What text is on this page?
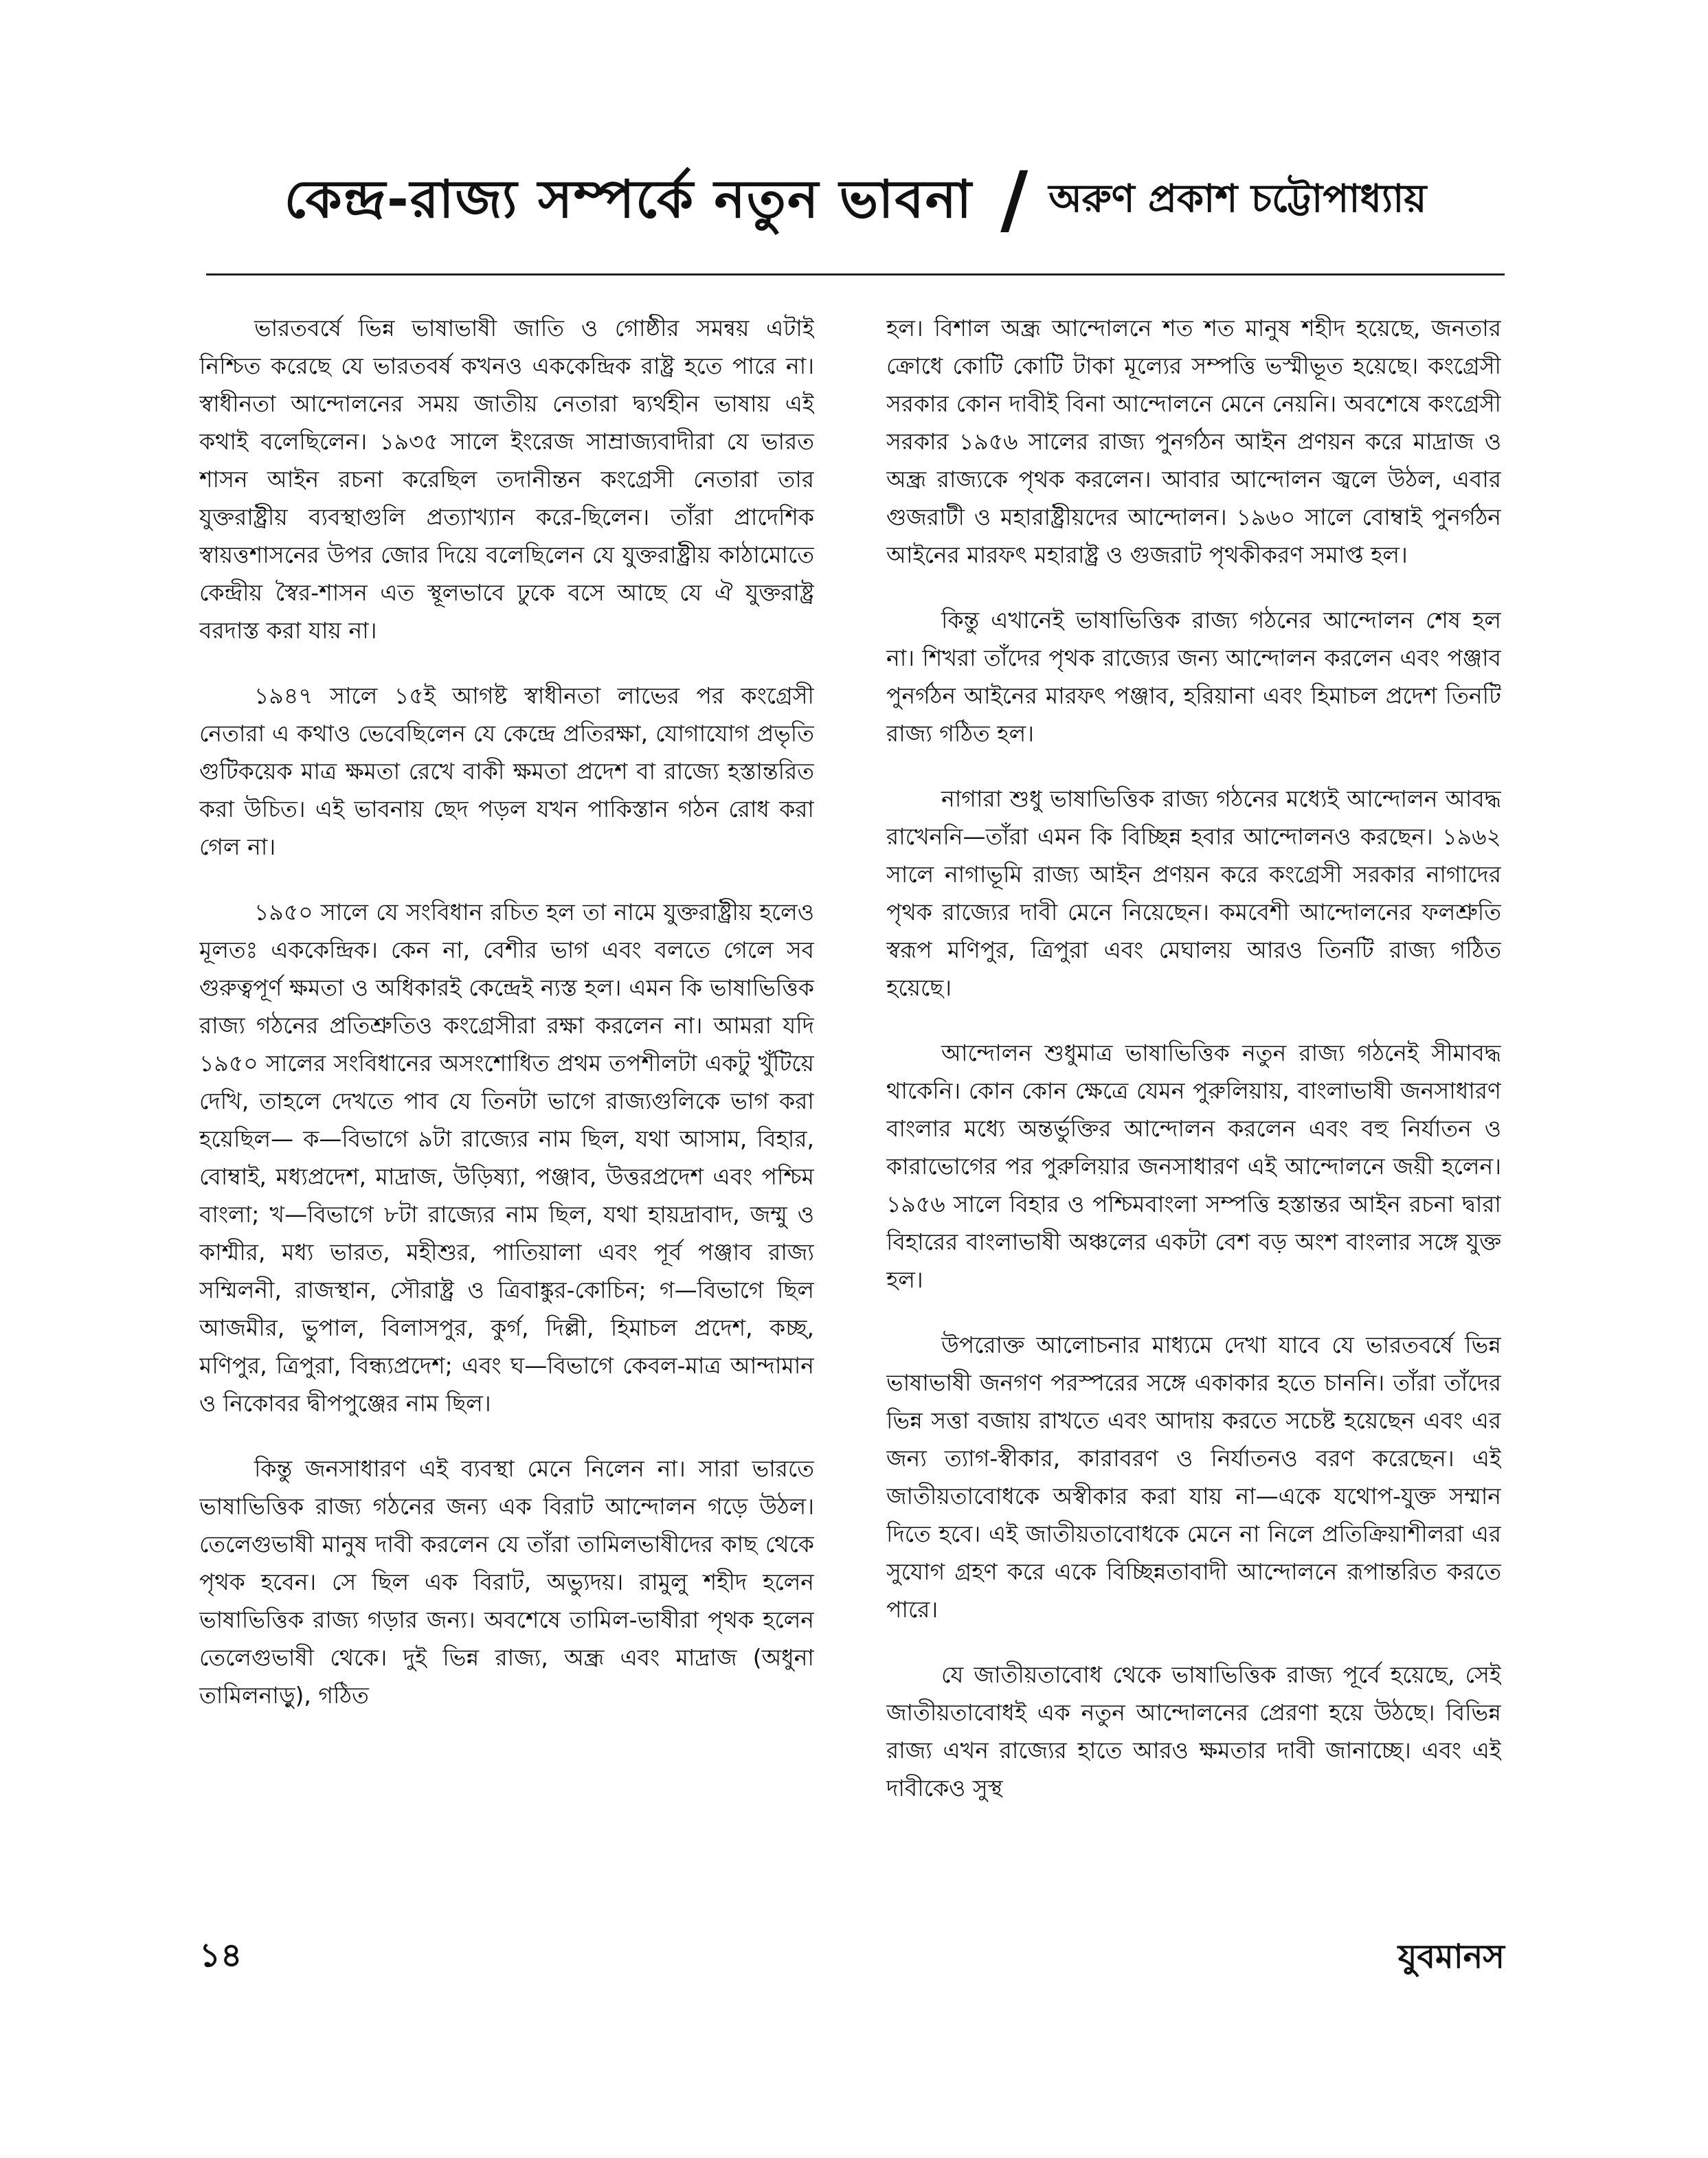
কেন্দ্র-রাজ্য সম্পর্কে নতুন ভাবনা / অরুণ প্রকাশ চট্টোপাধ্যায়

ভারতবর্ষে ভিন্ন ভাষাভাষী জাতি ও গোষ্ঠীর সমন্বয় এটাই নিশ্চিত করেছে যে ভারতবর্ষ কখনও এককেন্দ্রিক রাষ্ট্র হতে পারে না। স্বাধীনতা আন্দোলনের সময় জাতীয় নেতারা দ্ব্যর্থহীন ভাষায় এই কথাই বলেছিলেন। ১৯৩৫ সালে ইংরেজ সাম্রাজ্যবাদীরা যে ভারত শাসন আইন রচনা করেছিল তদানীন্তন কংগ্রেসী নেতারা তার যুক্তরাষ্ট্রীয় ব্যবস্থাগুলি প্রত্যাখ্যান করে-ছিলেন। তাঁরা প্রাদেশিক স্বায়ত্তশাসনের উপর জোর দিয়ে বলেছিলেন যে যুক্তরাষ্ট্রীয় কাঠামোতে কেন্দ্রীয় স্বৈর-শাসন এত স্থূলভাবে ঢুকে বসে আছে যে ঐ যুক্তরাষ্ট্র বরদাস্ত করা যায় না।

১৯৪৭ সালে ১৫ই আগষ্ট স্বাধীনতা লাভের পর কংগ্রেসী নেতারা এ কথাও ভেবেছিলেন যে কেন্দ্রে প্রতিরক্ষা, যোগাযোগ প্রভৃতি গুটিকয়েক মাত্র ক্ষমতা রেখে বাকী ক্ষমতা প্রদেশ বা রাজ্যে হস্তান্তরিত করা উচিত। এই ভাবনায় ছেদ পড়ল যখন পাকিস্তান গঠন রোধ করা গেল না।

১৯৫০ সালে যে সংবিধান রচিত হল তা নামে যুক্তরাষ্ট্রীয় হলেও মূলতঃ এককেন্দ্রিক। কেন না, বেশীর ভাগ এবং বলতে গেলে সব গুরুত্বপূর্ণ ক্ষমতা ও অধিকারই কেন্দ্রেই ন্যস্ত হল। এমন কি ভাষাভিত্তিক রাজ্য গঠনের প্রতিশ্রুতিও কংগ্রেসীরা রক্ষা করলেন না। আমরা যদি ১৯৫০ সালের সংবিধানের অসংশোধিত প্রথম তপশীলটা একটু খুঁটিয়ে দেখি, তাহলে দেখতে পাব যে তিনটা ভাগে রাজ্যগুলিকে ভাগ করা হয়েছিল— ক—বিভাগে ৯টা রাজ্যের নাম ছিল, যথা আসাম, বিহার, বোম্বাই, মধ্যপ্রদেশ, মাদ্রাজ, উড়িষ্যা, পঞ্জাব, উত্তরপ্রদেশ এবং পশ্চিম বাংলা; খ—বিভাগে ৮টা রাজ্যের নাম ছিল, যথা হায়দ্রাবাদ, জম্মু ও কাশ্মীর, মধ্য ভারত, মহীশুর, পাতিয়ালা এবং পূর্ব পঞ্জাব রাজ্য সম্মিলনী, রাজস্থান, সৌরাষ্ট্র ও ত্রিবাঙ্কুর-কোচিন; গ—বিভাগে ছিল আজমীর, ভুপাল, বিলাসপুর, কুর্গ, দিল্লী, হিমাচল প্রদেশ, কচ্ছ, মণিপুর, ত্রিপুরা, বিন্ধ্যপ্রদেশ; এবং ঘ—বিভাগে কেবল-মাত্র আন্দামান ও নিকোবর দ্বীপপুঞ্জের নাম ছিল।

কিন্তু জনসাধারণ এই ব্যবস্থা মেনে নিলেন না। সারা ভারতে ভাষাভিত্তিক রাজ্য গঠনের জন্য এক বিরাট আন্দোলন গড়ে উঠল। তেলেগুভাষী মানুষ দাবী করলেন যে তাঁরা তামিলভাষীদের কাছ থেকে পৃথক হবেন। সে ছিল এক বিরাট, অভ্যুদয়। রামুলু শহীদ হলেন ভাষাভিত্তিক রাজ্য গড়ার জন্য। অবশেষে তামিল-ভাষীরা পৃথক হলেন তেলেগুভাষী থেকে। দুই ভিন্ন রাজ্য, অন্ধ্র এবং মাদ্রাজ (অধুনা তামিলনাড়ু), গঠিত

হল। বিশাল অন্ধ্র আন্দোলনে শত শত মানুষ শহীদ হয়েছে, জনতার ক্রোধে কোটি কোটি টাকা মূল্যের সম্পত্তি ভস্মীভূত হয়েছে। কংগ্রেসী সরকার কোন দাবীই বিনা আন্দোলনে মেনে নেয়নি। অবশেষে কংগ্রেসী সরকার ১৯৫৬ সালের রাজ্য পুনর্গঠন আইন প্রণয়ন করে মাদ্রাজ ও অন্ধ্র রাজ্যকে পৃথক করলেন। আবার আন্দোলন জ্বলে উঠল, এবার গুজরাটী ও মহারাষ্ট্রীয়দের আন্দোলন। ১৯৬০ সালে বোম্বাই পুনর্গঠন আইনের মারফৎ মহারাষ্ট্র ও গুজরাট পৃথকীকরণ সমাপ্ত হল।

কিন্তু এখানেই ভাষাভিত্তিক রাজ্য গঠনের আন্দোলন শেষ হল না। শিখরা তাঁদের পৃথক রাজ্যের জন্য আন্দোলন করলেন এবং পঞ্জাব পুনর্গঠন আইনের মারফৎ পঞ্জাব, হরিয়ানা এবং হিমাচল প্রদেশ তিনটি রাজ্য গঠিত হল।

নাগারা শুধু ভাষাভিত্তিক রাজ্য গঠনের মধ্যেই আন্দোলন আবদ্ধ রাখেননি—তাঁরা এমন কি বিচ্ছিন্ন হবার আন্দোলনও করছেন। ১৯৬২ সালে নাগাভূমি রাজ্য আইন প্রণয়ন করে কংগ্রেসী সরকার নাগাদের পৃথক রাজ্যের দাবী মেনে নিয়েছেন। কমবেশী আন্দোলনের ফলশ্রুতি স্বরূপ মণিপুর, ত্রিপুরা এবং মেঘালয় আরও তিনটি রাজ্য গঠিত হয়েছে।

আন্দোলন শুধুমাত্র ভাষাভিত্তিক নতুন রাজ্য গঠনেই সীমাবদ্ধ থাকেনি। কোন কোন ক্ষেত্রে যেমন পুরুলিয়ায়, বাংলাভাষী জনসাধারণ বাংলার মধ্যে অন্তর্ভুক্তির আন্দোলন করলেন এবং বহু নির্যাতন ও কারাভোগের পর পুরুলিয়ার জনসাধারণ এই আন্দোলনে জয়ী হলেন। ১৯৫৬ সালে বিহার ও পশ্চিমবাংলা সম্পত্তি হস্তান্তর আইন রচনা দ্বারা বিহারের বাংলাভাষী অঞ্চলের একটা বেশ বড় অংশ বাংলার সঙ্গে যুক্ত হল।

উপরোক্ত আলোচনার মাধ্যমে দেখা যাবে যে ভারতবর্ষে ভিন্ন ভাষাভাষী জনগণ পরস্পরের সঙ্গে একাকার হতে চাননি। তাঁরা তাঁদের ভিন্ন সত্তা বজায় রাখতে এবং আদায় করতে সচেষ্ট হয়েছেন এবং এর জন্য ত্যাগ-স্বীকার, কারাবরণ ও নির্যাতনও বরণ করেছেন। এই জাতীয়তাবোধকে অস্বীকার করা যায় না—একে যথোপ-যুক্ত সম্মান দিতে হবে। এই জাতীয়তাবোধকে মেনে না নিলে প্রতিক্রিয়াশীলরা এর সুযোগ গ্রহণ করে একে বিচ্ছিন্নতাবাদী আন্দোলনে রূপান্তরিত করতে পারে।

যে জাতীয়তাবোধ থেকে ভাষাভিত্তিক রাজ্য পূর্বে হয়েছে, সেই জাতীয়তাবোধই এক নতুন আন্দোলনের প্রেরণা হয়ে উঠছে। বিভিন্ন রাজ্য এখন রাজ্যের হাতে আরও ক্ষমতার দাবী জানাচ্ছে। এবং এই দাবীকেও সুস্থ

১৪	যুবমানস
